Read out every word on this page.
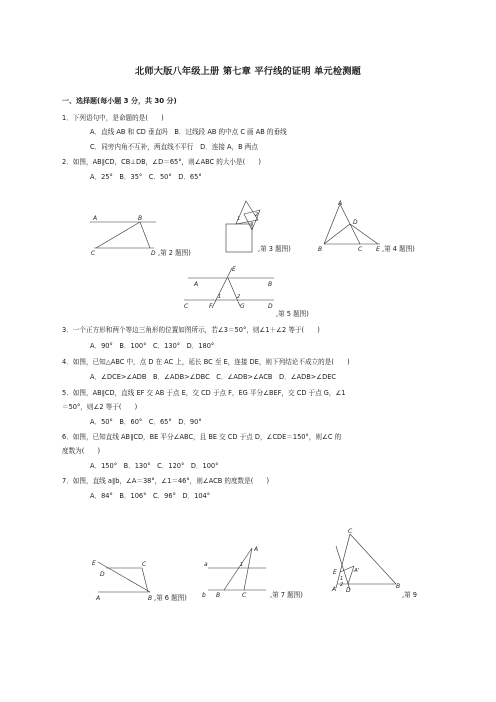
北师大版八年级上册 第七章 平行线的证明 单元检测题
一、选择题(每小题 3 分，共 30 分)
1．下列语句中，是命题的是(　　)
A．直线 AB 和 CD 垂直吗　B．过线段 AB 的中点 C 画 AB 的垂线
C．同旁内角不互补，两直线不平行　D．连接 A，B 两点
2．如图，AB∥CD，CB⊥DB，∠D＝65°，则∠ABC 的大小是(　　)
A．25°　B．35°　C．50°　D．65°
A	B
C	D ,第 2 题图)
1
2
3
,第 3 题图)
A
D
B	C E ,第 4 题图)
E
A	B
1	2
C	F	G	D
,第 5 题图)
3．一个正方形和两个等边三角形的位置如图所示，若∠3＝50°，则∠1＋∠2 等于(　　)
A．90°　B．100°　C．130°　D．180°
4．如图，已知△ABC 中，点 D 在 AC 上，延长 BC 至 E，连接 DE，则下列结论不成立的是(　　)
A．∠DCE>∠ADB　B．∠ADB>∠DBC　C．∠ADB>∠ACB　D．∠ADB>∠DEC
5．如图，AB∥CD，直线 EF 交 AB 于点 E，交 CD 于点 F，EG 平分∠BEF，交 CD 于点 G，∠1
＝50°，则∠2 等于(　　)
A．50°　B．60°　C．65°　D．90°
6．如图，已知直线 AB∥CD，BE 平分∠ABC，且 BE 交 CD 于点 D，∠CDE＝150°，则∠C 的
度数为(　　)
A．150°　B．130°　C．120°　D．100°
7．如图，直线 a∥b，∠A＝38°，∠1＝46°，则∠ACB 的度数是(　　)
A．84°　B．106°　C．96°　D．104°
E
D
C
A	B ,第 6 题图)
A
a	1
b B	C	,第 7 题图)
C
E	A'
1
2
A D
B
,第 9
